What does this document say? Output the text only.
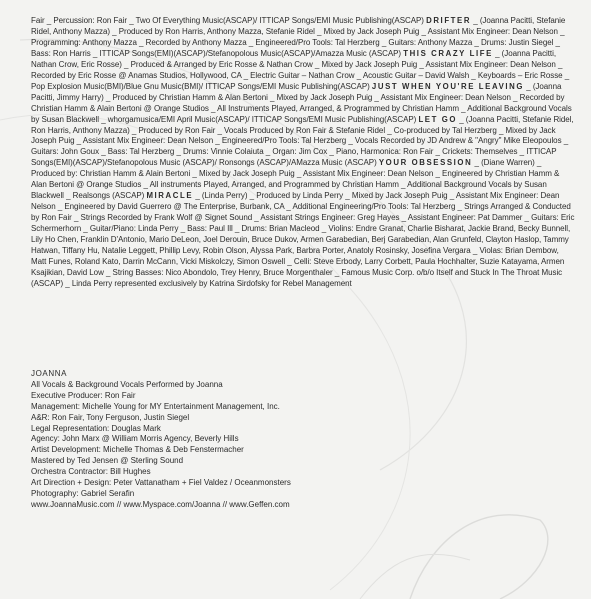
Fair _ Percussion: Ron Fair _ Two Of Everything Music(ASCAP)/ ITTICAP Songs/EMI Music Publishing(ASCAP) DRIFTER _ (Joanna Pacitti, Stefanie Ridel, Anthony Mazza) _ Produced by Ron Harris, Anthony Mazza, Stefanie Ridel _ Mixed by Jack Joseph Puig _ Assistant Mix Engineer: Dean Nelson _ Programming: Anthony Mazza _ Recorded by Anthony Mazza _ Engineered/Pro Tools: Tal Herzberg _ Guitars: Anthony Mazza _ Drums: Justin Siegel _ Bass: Ron Harris _ ITTICAP Songs(EMI)(ASCAP)/Stefanopolous Music(ASCAP)/Amazza Music (ASCAP) THIS CRAZY LIFE _ (Joanna Pacitti, Nathan Crow, Eric Rosse) _ Produced & Arranged by Eric Rosse & Nathan Crow _ Mixed by Jack Joseph Puig _ Assistant Mix Engineer: Dean Nelson _ Recorded by Eric Rosse @ Anamas Studios, Hollywood, CA _ Electric Guitar – Nathan Crow _ Acoustic Guitar – David Walsh _ Keyboards – Eric Rosse _ Pop Explosion Music(BMI)/Blue Gnu Music(BMI)/ ITTICAP Songs/EMI Music Publishing(ASCAP) JUST WHEN YOU'RE LEAVING _ (Joanna Pacitti, Jimmy Harry) _ Produced by Christian Hamm & Alan Bertoni _ Mixed by Jack Joseph Puig _ Assistant Mix Engineer: Dean Nelson _ Recorded by Christian Hamm & Alain Bertoni @ Orange Studios _ All Instruments Played, Arranged, & Programmed by Christian Hamm _ Additional Background Vocals by Susan Blackwell _ whorgamusica/EMI April Music(ASCAP)/ ITTICAP Songs/EMI Music Publishing(ASCAP) LET GO _ (Joanna Pacitti, Stefanie Ridel, Ron Harris, Anthony Mazza) _ Produced by Ron Fair _ Vocals Produced by Ron Fair & Stefanie Ridel _ Co-produced by Tal Herzberg _ Mixed by Jack Joseph Puig _ Assistant Mix Engineer: Dean Nelson _ Engineered/Pro Tools: Tal Herzberg _ Vocals Recorded by JD Andrew & "Angry" Mike Eleopoulos _ Guitars: John Goux _ Bass: Tal Herzberg _ Drums: Vinnie Colaiuta _ Organ: Jim Cox _ Piano, Harmonica: Ron Fair _ Crickets: Themselves _ ITTICAP Songs(EMI)(ASCAP)/Stefanopolous Music (ASCAP)/ Ronsongs (ASCAP)/AMazza Music (ASCAP) YOUR OBSESSION _ (Diane Warren) _ Produced by: Christian Hamm & Alain Bertoni _ Mixed by Jack Joseph Puig _ Assistant Mix Engineer: Dean Nelson _ Engineered by Christian Hamm & Alan Bertoni @ Orange Studios _ All instruments Played, Arranged, and Programmed by Christian Hamm _ Additional Background Vocals by Susan Blackwell _ Realsongs (ASCAP) MIRACLE _ (Linda Perry) _ Produced by Linda Perry _ Mixed by Jack Joseph Puig _ Assistant Mix Engineer: Dean Nelson _ Engineered by David Guerrero @ The Enterprise, Burbank, CA _ Additional Engineering/Pro Tools: Tal Herzberg _ Strings Arranged & Conducted by Ron Fair _ Strings Recorded by Frank Wolf @ Signet Sound _ Assistant Strings Engineer: Greg Hayes _ Assistant Engineer: Pat Dammer _ Guitars: Eric Schermerhorn _ Guitar/Piano: Linda Perry _ Bass: Paul Ill _ Drums: Brian Macleod _ Violins: Endre Granat, Charlie Bisharat, Jackie Brand, Becky Bunnell, Lily Ho Chen, Franklin D'Antonio, Mario DeLeon, Joel Derouin, Bruce Dukov, Armen Garabedian, Berj Garabedian, Alan Grunfeld, Clayton Haslop, Tammy Hatwan, Tiffany Hu, Natalie Leggett, Phillip Levy, Robin Olson, Alyssa Park, Barbra Porter, Anatoly Rosinsky, Josefina Vergara _ Violas: Brian Dembow, Matt Funes, Roland Kato, Darrin McCann, Vicki Miskolczy, Simon Oswell _ Celli: Steve Erbody, Larry Corbett, Paula Hochhalter, Suzie Katayama, Armen Ksajikian, David Low _ String Basses: Nico Abondolo, Trey Henry, Bruce Morgenthaler _ Famous Music Corp. o/b/o Itself and Stuck In The Throat Music (ASCAP) _ Linda Perry represented exclusively by Katrina Sirdofsky for Rebel Management
JOANNA
All Vocals & Background Vocals Performed by Joanna
Executive Producer: Ron Fair
Management: Michelle Young for MY Entertainment Management, Inc.
A&R: Ron Fair, Tony Ferguson, Justin Siegel
Legal Representation: Douglas Mark
Agency: John Marx @ William Morris Agency, Beverly Hills
Artist Development: Michelle Thomas & Deb Fenstermacher
Mastered by Ted Jensen @ Sterling Sound
Orchestra Contractor: Bill Hughes
Art Direction + Design: Peter Vattanatham + Fiel Valdez / Oceanmonsters
Photography: Gabriel Serafin
www.JoannaMusic.com // www.Myspace.com/Joanna // www.Geffen.com
